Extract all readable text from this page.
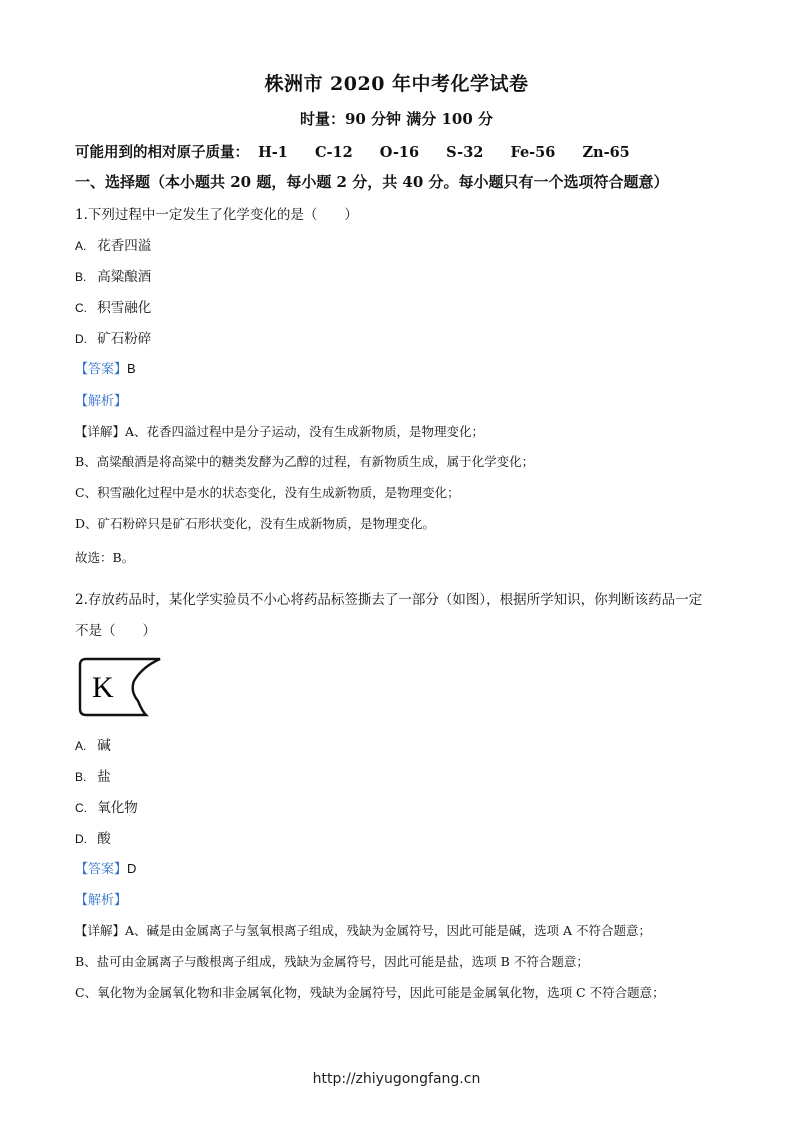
株洲市 2020 年中考化学试卷
时量：90 分钟 满分 100 分
可能用到的相对原子质量： H-1 C-12 O-16 S-32 Fe-56 Zn-65
一、选择题（本小题共 20 题，每小题 2 分，共 40 分。每小题只有一个选项符合题意）
1.下列过程中一定发生了化学变化的是（　　）
A. 花香四溢
B. 高粱酿酒
C. 积雪融化
D. 矿石粉碎
【答案】B
【解析】
【详解】A、花香四溢过程中是分子运动，没有生成新物质，是物理变化；
B、高粱酿酒是将高粱中的糖类发酵为乙醇的过程，有新物质生成，属于化学变化；
C、积雪融化过程中是水的状态变化，没有生成新物质，是物理变化；
D、矿石粉碎只是矿石形状变化，没有生成新物质，是物理变化。
故选：B。
2.存放药品时，某化学实验员不小心将药品标签撕去了一部分（如图），根据所学知识，你判断该药品一定
不是（　　）
K
A. 碱
B. 盐
C. 氧化物
D. 酸
【答案】D
【解析】
【详解】A、碱是由金属离子与氢氧根离子组成，残缺为金属符号，因此可能是碱，选项 A 不符合题意；
B、盐可由金属离子与酸根离子组成，残缺为金属符号，因此可能是盐，选项 B 不符合题意；
C、氧化物为金属氧化物和非金属氧化物，残缺为金属符号，因此可能是金属氧化物，选项 C 不符合题意；
http://zhiyugongfang.cn
